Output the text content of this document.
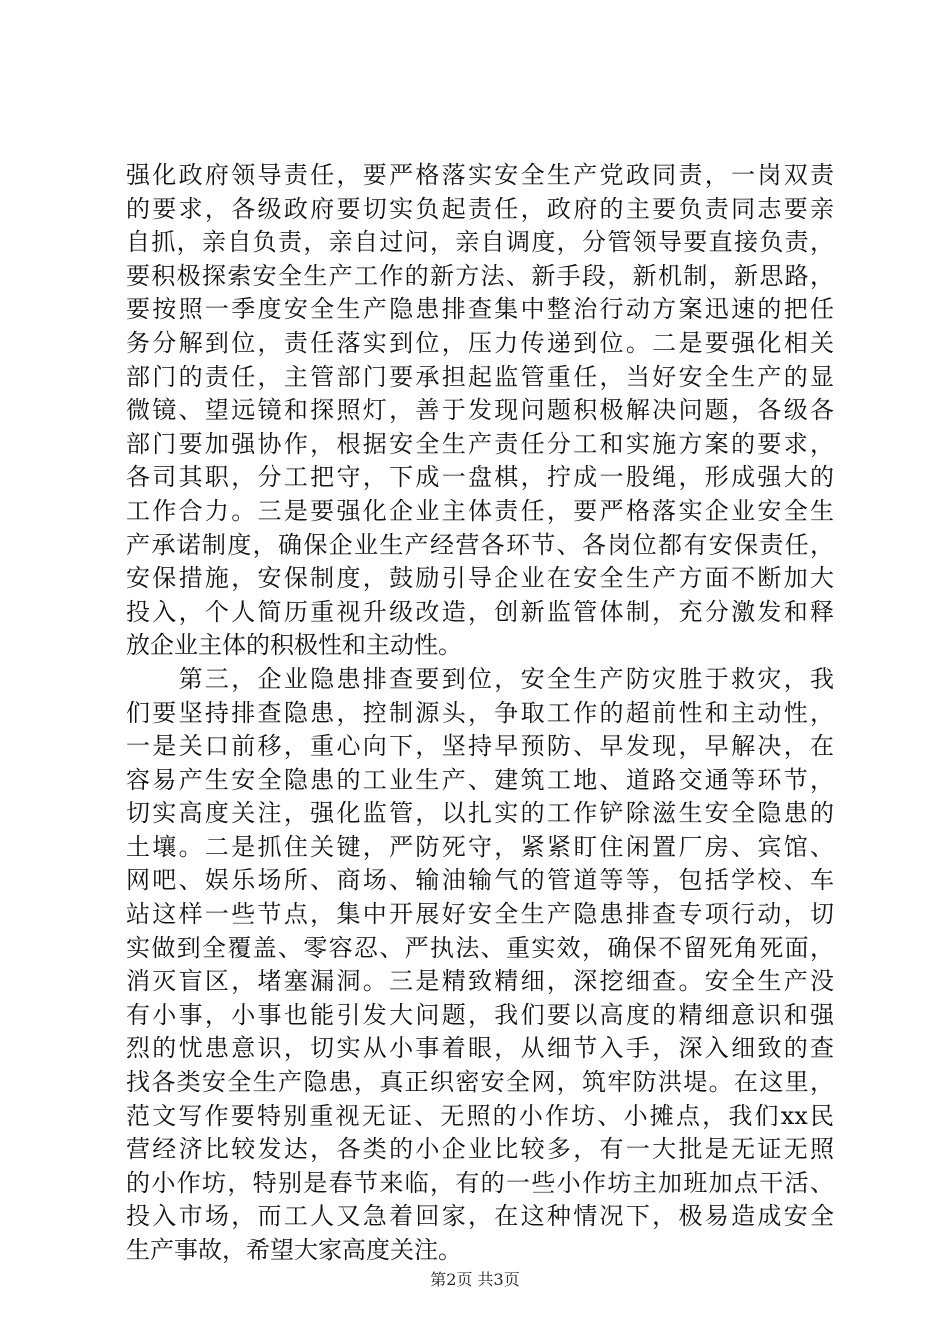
强化政府领导责任，要严格落实安全生产党政同责，一岗双责
的要求，各级政府要切实负起责任，政府的主要负责同志要亲
自抓，亲自负责，亲自过问，亲自调度，分管领导要直接负责，
要积极探索安全生产工作的新方法、新手段，新机制，新思路，
要按照一季度安全生产隐患排查集中整治行动方案迅速的把任
务分解到位，责任落实到位，压力传递到位。二是要强化相关
部门的责任，主管部门要承担起监管重任，当好安全生产的显
微镜、望远镜和探照灯，善于发现问题积极解决问题，各级各
部门要加强协作，根据安全生产责任分工和实施方案的要求，
各司其职，分工把守，下成一盘棋，拧成一股绳，形成强大的
工作合力。三是要强化企业主体责任，要严格落实企业安全生
产承诺制度，确保企业生产经营各环节、各岗位都有安保责任，
安保措施，安保制度，鼓励引导企业在安全生产方面不断加大
投入，个人简历重视升级改造，创新监管体制，充分激发和释
放企业主体的积极性和主动性。
　　第三，企业隐患排查要到位，安全生产防灾胜于救灾，我
们要坚持排查隐患，控制源头，争取工作的超前性和主动性，
一是关口前移，重心向下，坚持早预防、早发现，早解决，在
容易产生安全隐患的工业生产、建筑工地、道路交通等环节，
切实高度关注，强化监管，以扎实的工作铲除滋生安全隐患的
土壤。二是抓住关键，严防死守，紧紧盯住闲置厂房、宾馆、
网吧、娱乐场所、商场、输油输气的管道等等，包括学校、车
站这样一些节点，集中开展好安全生产隐患排查专项行动，切
实做到全覆盖、零容忍、严执法、重实效，确保不留死角死面，
消灭盲区，堵塞漏洞。三是精致精细，深挖细查。安全生产没
有小事，小事也能引发大问题，我们要以高度的精细意识和强
烈的忧患意识，切实从小事着眼，从细节入手，深入细致的查
找各类安全生产隐患，真正织密安全网，筑牢防洪堤。在这里，
范文写作要特别重视无证、无照的小作坊、小摊点，我们xx民
营经济比较发达，各类的小企业比较多，有一大批是无证无照
的小作坊，特别是春节来临，有的一些小作坊主加班加点干活、
投入市场，而工人又急着回家，在这种情况下，极易造成安全
生产事故，希望大家高度关注。
第2页 共3页
